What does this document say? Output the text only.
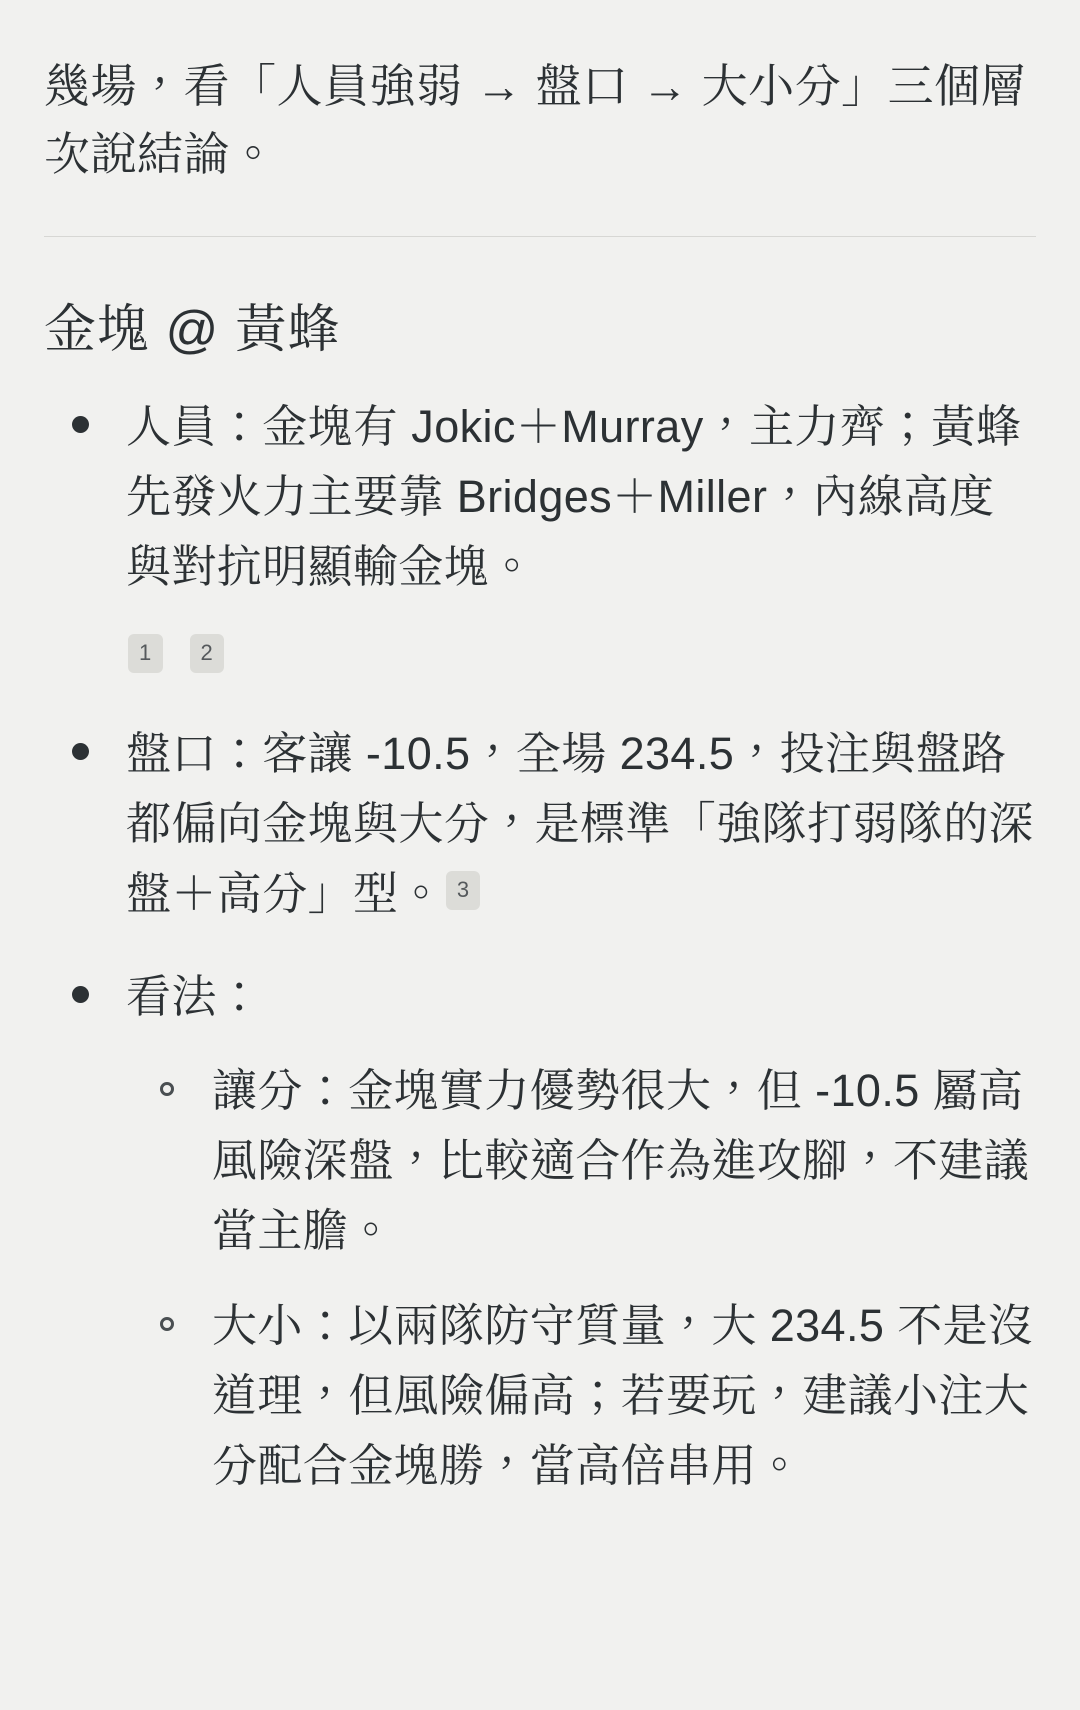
幾場，看「人員強弱 → 盤口 → 大小分」三個層次說結論。

金塊 @ 黃蜂
人員：金塊有 Jokic＋Murray，主力齊；黃蜂先發火力主要靠 Bridges＋Miller，內線高度與對抗明顯輸金塊。
1 2
盤口：客讓 -10.5，全場 234.5，投注與盤路都偏向金塊與大分，是標準「強隊打弱隊的深盤＋高分」型。 3
看法：
讓分：金塊實力優勢很大，但 -10.5 屬高風險深盤，比較適合作為進攻腳，不建議當主膽。
大小：以兩隊防守質量，大 234.5 不是沒道理，但風險偏高；若要玩，建議小注大分配合金塊勝，當高倍串用。
